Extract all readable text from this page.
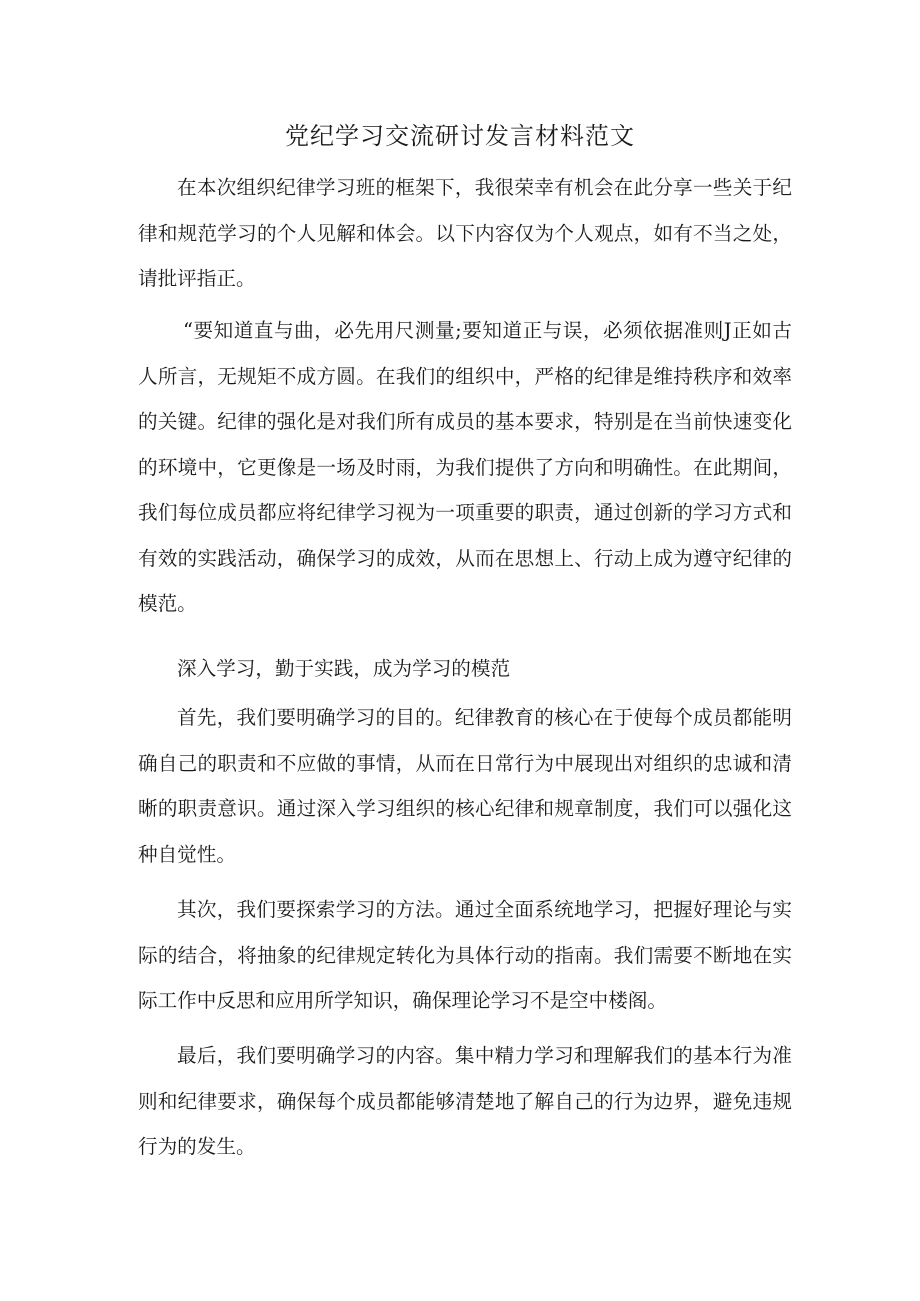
党纪学习交流研讨发言材料范文

在本次组织纪律学习班的框架下，我很荣幸有机会在此分享一些关于纪律和规范学习的个人见解和体会。以下内容仅为个人观点，如有不当之处，请批评指正。

“要知道直与曲，必先用尺测量;要知道正与误，必须依据准则J正如古人所言，无规矩不成方圆。在我们的组织中，严格的纪律是维持秩序和效率的关键。纪律的强化是对我们所有成员的基本要求，特别是在当前快速变化的环境中，它更像是一场及时雨，为我们提供了方向和明确性。在此期间，我们每位成员都应将纪律学习视为一项重要的职责，通过创新的学习方式和有效的实践活动，确保学习的成效，从而在思想上、行动上成为遵守纪律的模范。

深入学习，勤于实践，成为学习的模范

首先，我们要明确学习的目的。纪律教育的核心在于使每个成员都能明确自己的职责和不应做的事情，从而在日常行为中展现出对组织的忠诚和清晰的职责意识。通过深入学习组织的核心纪律和规章制度，我们可以强化这种自觉性。

其次，我们要探索学习的方法。通过全面系统地学习，把握好理论与实际的结合，将抽象的纪律规定转化为具体行动的指南。我们需要不断地在实际工作中反思和应用所学知识，确保理论学习不是空中楼阁。

最后，我们要明确学习的内容。集中精力学习和理解我们的基本行为准则和纪律要求，确保每个成员都能够清楚地了解自己的行为边界，避免违规行为的发生。
